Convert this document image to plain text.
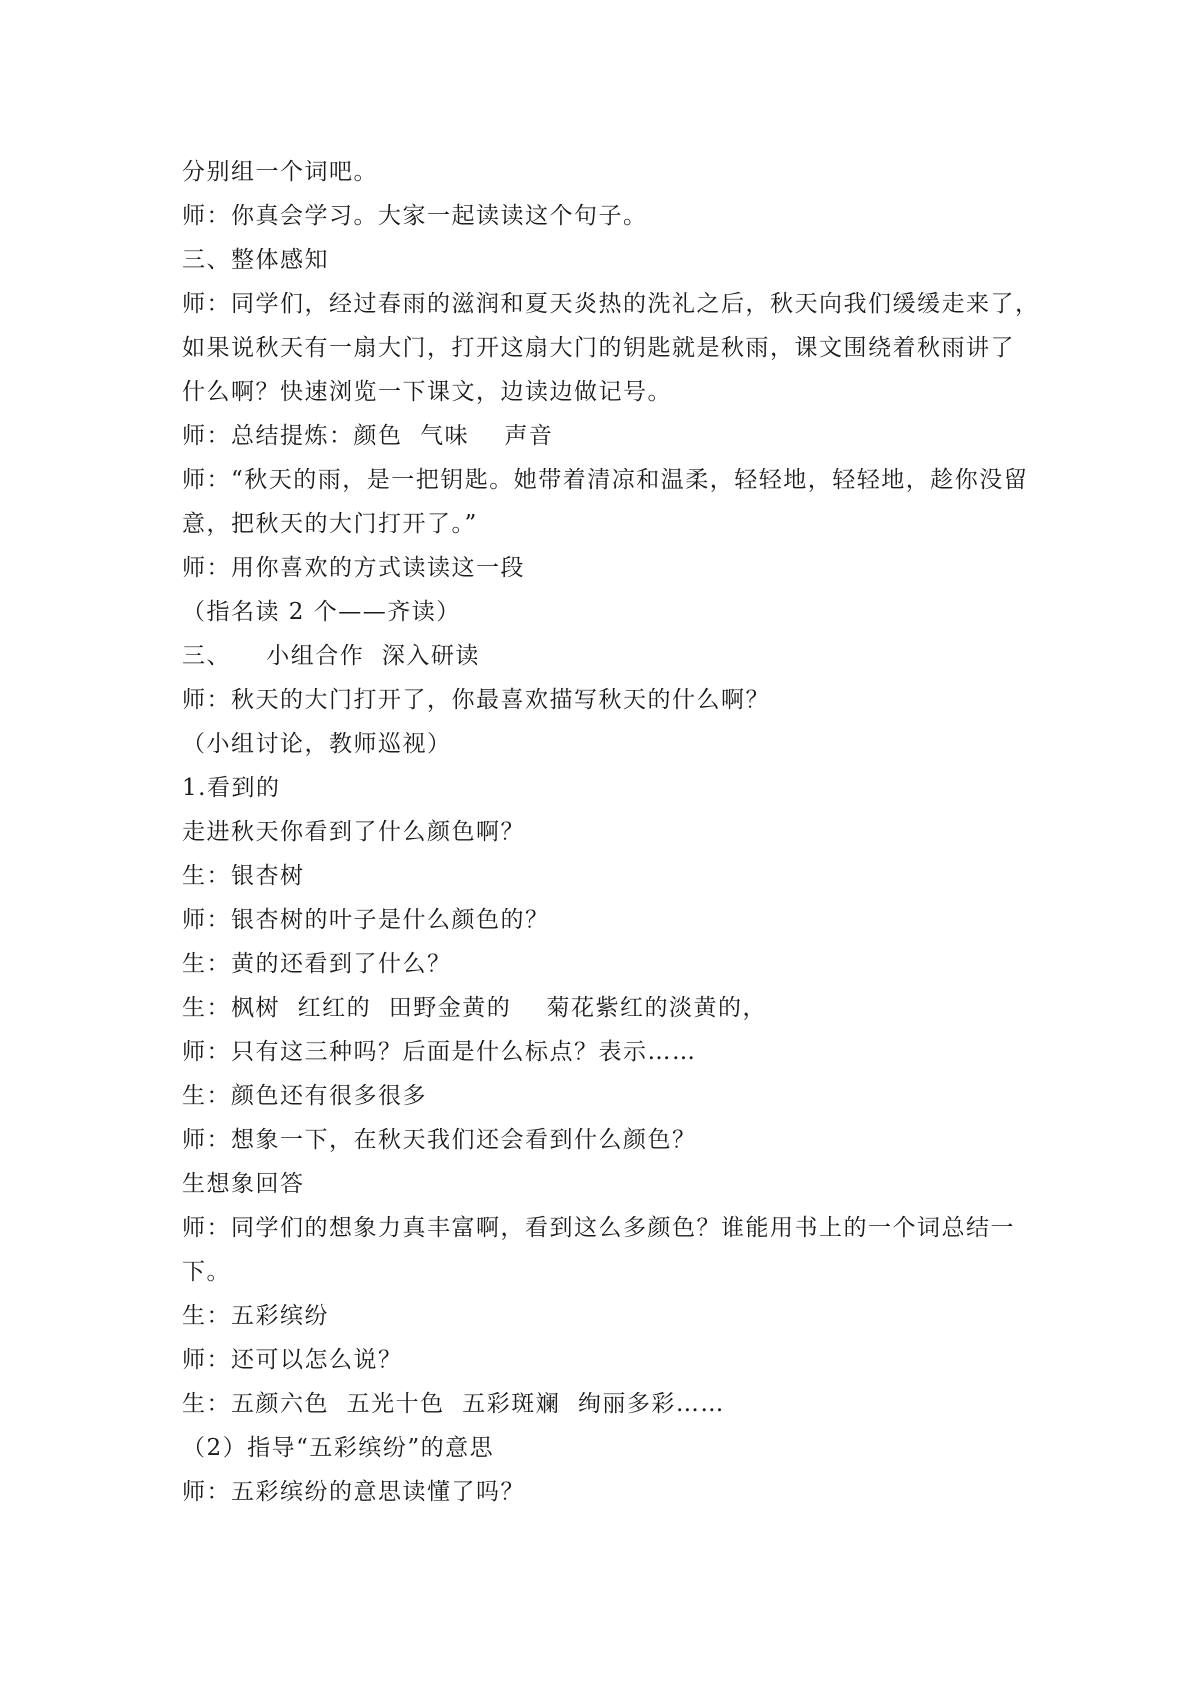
分别组一个词吧。
师：你真会学习。大家一起读读这个句子。
三、整体感知
师：同学们，经过春雨的滋润和夏天炎热的洗礼之后，秋天向我们缓缓走来了，
如果说秋天有一扇大门，打开这扇大门的钥匙就是秋雨，课文围绕着秋雨讲了
什么啊？快速浏览一下课文，边读边做记号。
师：总结提炼：颜色  气味    声音
师：“秋天的雨，是一把钥匙。她带着清凉和温柔，轻轻地，轻轻地，趁你没留
意，把秋天的大门打开了。”
师：用你喜欢的方式读读这一段
（指名读 2 个——齐读）
三、    小组合作  深入研读
师：秋天的大门打开了，你最喜欢描写秋天的什么啊？
（小组讨论，教师巡视）
1.看到的
走进秋天你看到了什么颜色啊？
生：银杏树
师：银杏树的叶子是什么颜色的？
生：黄的还看到了什么？
生：枫树  红红的  田野金黄的    菊花紫红的淡黄的，
师：只有这三种吗？后面是什么标点？表示……
生：颜色还有很多很多
师：想象一下，在秋天我们还会看到什么颜色？
生想象回答
师：同学们的想象力真丰富啊，看到这么多颜色？谁能用书上的一个词总结一
下。
生：五彩缤纷
师：还可以怎么说？
生：五颜六色  五光十色  五彩斑斓  绚丽多彩……
（2）指导“五彩缤纷”的意思
师：五彩缤纷的意思读懂了吗？
